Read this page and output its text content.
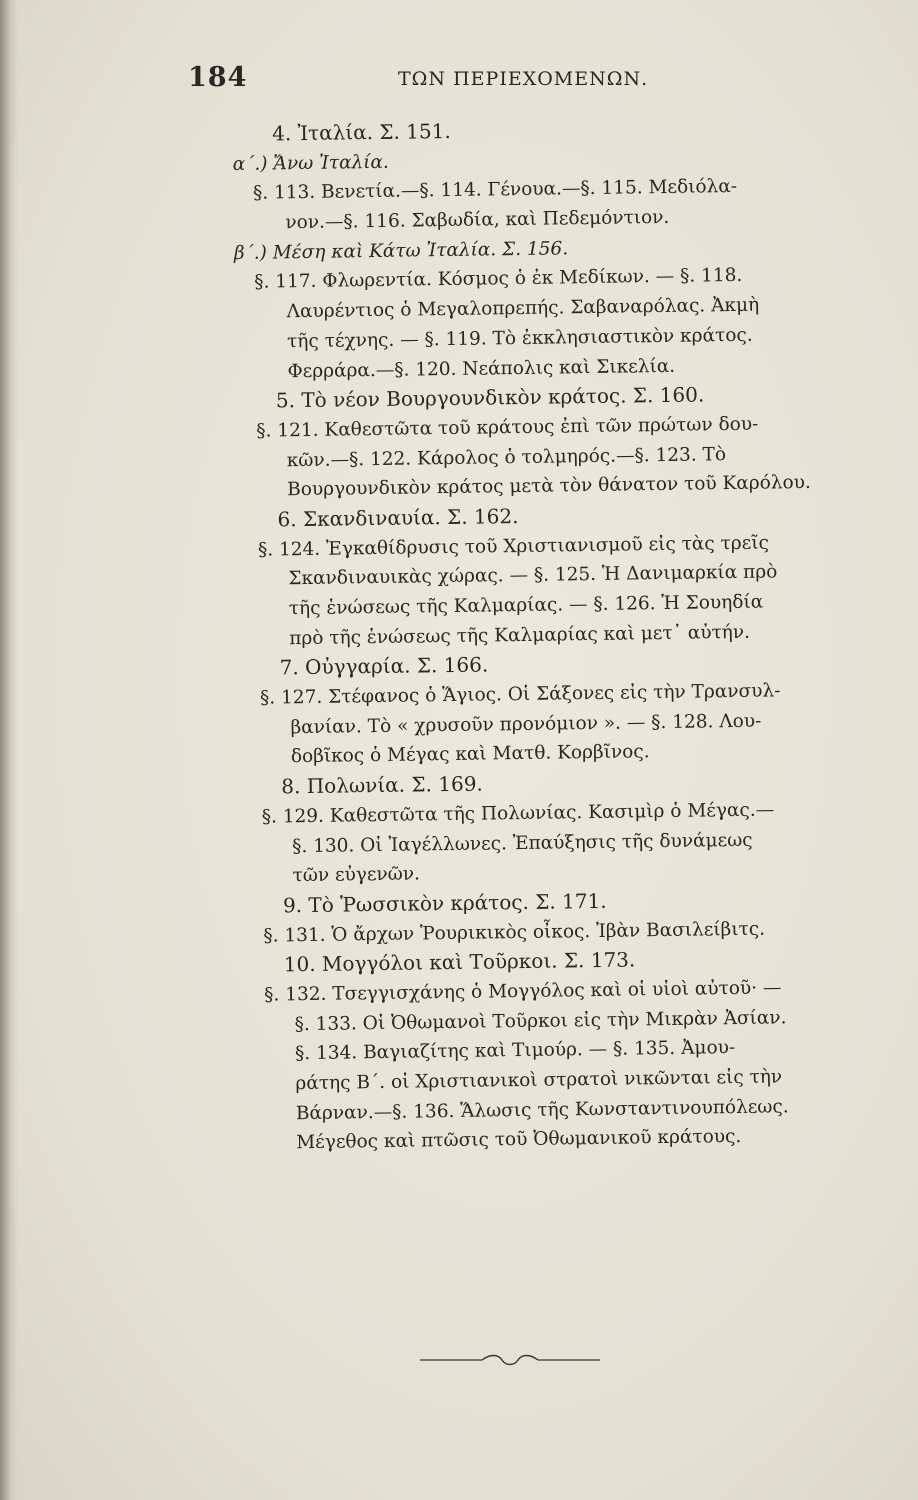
184	ΤΩΝ ΠΕΡΙΕΧΟΜΕΝΩΝ.
4. Ἰταλία. Σ. 151.
α΄.) Ἄνω Ἰταλία.
§. 113. Βενετία.—§. 114. Γένουα.—§. 115. Μεδιόλα-
νον.—§. 116. Σαβωδία, καὶ Πεδεμόντιον.
β΄.) Μέση καὶ Κάτω Ἰταλία. Σ. 156.
§. 117. Φλωρεντία. Κόσμος ὁ ἐκ Μεδίκων. — §. 118.
Λαυρέντιος ὁ Μεγαλοπρεπής. Σαβαναρόλας. Ἀκμὴ
τῆς τέχνης. — §. 119. Τὸ ἐκκλησιαστικὸν κράτος.
Φερράρα.—§. 120. Νεάπολις καὶ Σικελία.
5. Τὸ νέον Βουργουνδικὸν κράτος. Σ. 160.
§. 121. Καθεστῶτα τοῦ κράτους ἐπὶ τῶν πρώτων δου-
κῶν.—§. 122. Κάρολος ὁ τολμηρός.—§. 123. Τὸ
Βουργουνδικὸν κράτος μετὰ τὸν θάνατον τοῦ Καρόλου.
6. Σκανδιναυία. Σ. 162.
§. 124. Ἐγκαθίδρυσις τοῦ Χριστιανισμοῦ εἰς τὰς τρεῖς
Σκανδιναυικὰς χώρας. — §. 125. Ἡ Δανιμαρκία πρὸ
τῆς ἑνώσεως τῆς Καλμαρίας. — §. 126. Ἡ Σουηδία
πρὸ τῆς ἑνώσεως τῆς Καλμαρίας καὶ μετ᾽ αὐτήν.
7. Οὐγγαρία. Σ. 166.
§. 127. Στέφανος ὁ Ἅγιος. Οἱ Σάξονες εἰς τὴν Τρανσυλ-
βανίαν. Τὸ « χρυσοῦν προνόμιον ». — §. 128. Λου-
δοβῖκος ὁ Μέγας καὶ Ματθ. Κορβῖνος.
8. Πολωνία. Σ. 169.
§. 129. Καθεστῶτα τῆς Πολωνίας. Κασιμὶρ ὁ Μέγας.—
§. 130. Οἱ Ἰαγέλλωνες. Ἐπαύξησις τῆς δυνάμεως
τῶν εὐγενῶν.
9. Τὸ Ῥωσσικὸν κράτος. Σ. 171.
§. 131. Ὁ ἄρχων Ῥουρικικὸς οἶκος. Ἰβὰν Βασιλείβιτς.
10. Μογγόλοι καὶ Τοῦρκοι. Σ. 173.
§. 132. Τσεγγισχάνης ὁ Μογγόλος καὶ οἱ υἱοὶ αὐτοῦ· —
§. 133. Οἱ Ὀθωμανοὶ Τοῦρκοι εἰς τὴν Μικρὰν Ἀσίαν.
§. 134. Βαγιαζίτης καὶ Τιμούρ. — §. 135. Ἀμου-
ράτης Β΄. οἱ Χριστιανικοὶ στρατοὶ νικῶνται εἰς τὴν
Βάρναν.—§. 136. Ἅλωσις τῆς Κωνσταντινουπόλεως.
Μέγεθος καὶ πτῶσις τοῦ Ὀθωμανικοῦ κράτους.
